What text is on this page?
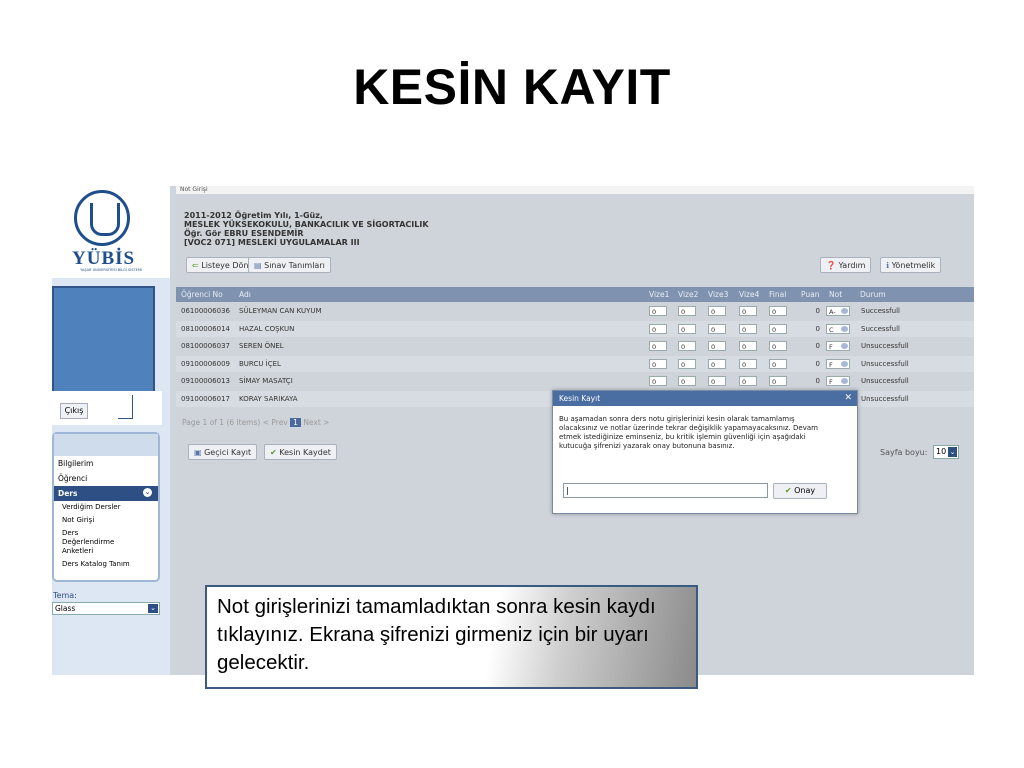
KESİN KAYIT
YÜBİS
YAŞAR ÜNİVERSİTESİ BİLGİ SİSTEMİ
Çıkış
Bilgilerim
Öğrenci
Ders	⌄
Verdiğim Dersler
Not Girişi
Ders Değerlendirme Anketleri
Ders Katalog Tanım
Tema:
Glass	⌄
Not Girişi
2011-2012 Öğretim Yılı, 1-Güz,
MESLEK YÜKSEKOKULU, BANKACILIK VE SİGORTACILIK
Öğr. Gör EBRU ESENDEMİR
[VOC2 071] MESLEKİ UYGULAMALAR III
⇐ Listeye Dön ▤ Sınav Tanımları	❓ Yardım	ℹ Yönetmelik
Öğrenci No Adı	Vize1 Vize2 Vize3 Vize4 Final Puan Not Durum
06100006036 SÜLEYMAN CAN KUYUM	0	0	0	0	0	0	A-	Successfull
08100006014 HAZAL COŞKUN	0	0	0	0	0	0	C	Successfull
08100006037 SEREN ÖNEL	0	0	0	0	0	0	F	Unsuccessfull
09100006009 BURCU İÇEL	0	0	0	0	0	0	F	Unsuccessfull
09100006013 SİMAY MASATÇI	0	0	0	0	0	0	F	Unsuccessfull
09100006017 KORAY SARIKAYA	Unsuccessfull
Page 1 of 1 (6 items) < Prev 1 Next >
▣ Geçici Kayıt	✔ Kesin Kaydet	Sayfa boyu:	10 ⌄
Kesin Kayıt	✕
Bu aşamadan sonra ders notu girişlerinizi kesin olarak tamamlamış olacaksınız ve notlar üzerinde tekrar değişiklik yapamayacaksınız. Devam etmek istediğinize eminseniz, bu kritik işlemin güvenliği için aşağıdaki kutucuğa şifrenizi yazarak onay butonuna basınız.
|	✔ Onay
Not girişlerinizi tamamladıktan sonra kesin kaydı tıklayınız. Ekrana şifrenizi girmeniz için bir uyarı gelecektir.
